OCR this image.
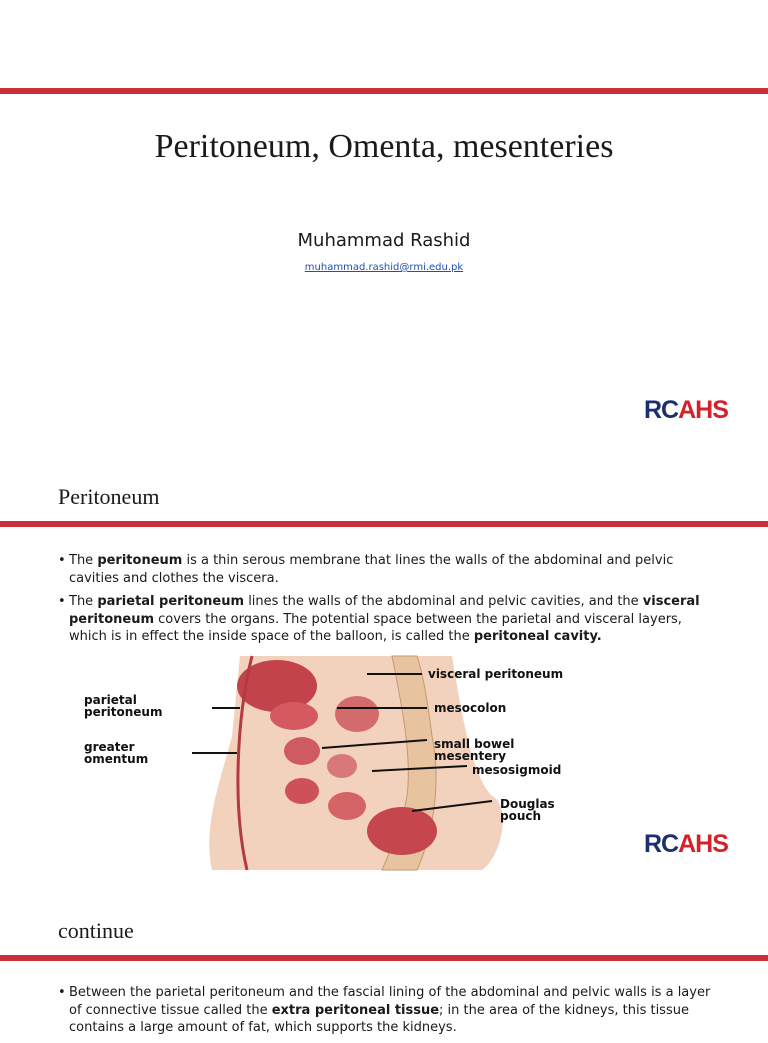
Peritoneum, Omenta, mesenteries
Muhammad Rashid
muhammad.rashid@rmi.edu.pk
RCAHS
Peritoneum
• The peritoneum is a thin serous membrane that lines the walls of the abdominal and pelvic cavities and clothes the viscera.
• The parietal peritoneum lines the walls of the abdominal and pelvic cavities, and the visceral peritoneum covers the organs. The potential space between the parietal and visceral layers, which is in effect the inside space of the balloon, is called the peritoneal cavity.
visceral peritoneum
parietal
peritoneum	mesocolon
greater
omentum
small bowel
mesentery
mesosigmoid
Douglas
pouch
RCAHS
continue
• Between the parietal peritoneum and the fascial lining of the abdominal and pelvic walls is a layer of connective tissue called the extra peritoneal tissue; in the area of the kidneys, this tissue contains a large amount of fat, which supports the kidneys.
